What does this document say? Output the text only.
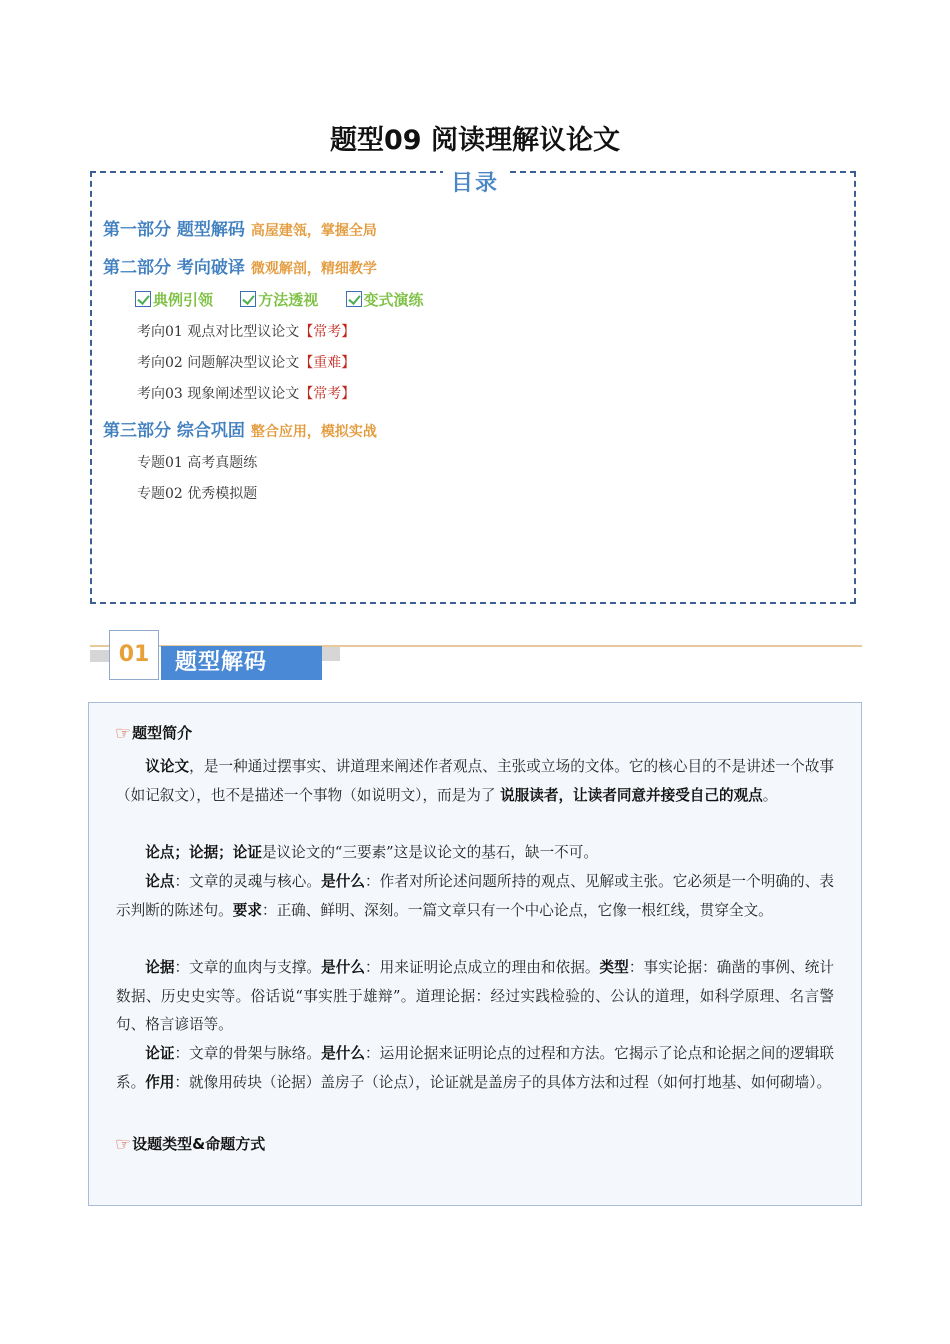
题型09 阅读理解议论文
目录
第一部分 题型解码 高屋建瓴，掌握全局
第二部分 考向破译 微观解剖，精细教学
典例引领	方法透视	变式演练
考向01 观点对比型议论文【常考】
考向02 问题解决型议论文【重难】
考向03 现象阐述型议论文【常考】
第三部分 综合巩固 整合应用，模拟实战
专题01 高考真题练
专题02 优秀模拟题
题型解码
01
☞题型简介
议论文，是一种通过摆事实、讲道理来阐述作者观点、主张或立场的文体。它的核心目的不是讲述一个故事（如记叙文），也不是描述一个事物（如说明文），而是为了 说服读者，让读者同意并接受自己的观点。
论点；论据；论证是议论文的“三要素”这是议论文的基石，缺一不可。
论点：文章的灵魂与核心。是什么：作者对所论述问题所持的观点、见解或主张。它必须是一个明确的、表示判断的陈述句。要求：正确、鲜明、深刻。一篇文章只有一个中心论点，它像一根红线，贯穿全文。
论据：文章的血肉与支撑。是什么：用来证明论点成立的理由和依据。类型：事实论据：确凿的事例、统计数据、历史史实等。俗话说“事实胜于雄辩”。道理论据：经过实践检验的、公认的道理，如科学原理、名言警句、格言谚语等。
论证：文章的骨架与脉络。是什么：运用论据来证明论点的过程和方法。它揭示了论点和论据之间的逻辑联系。作用：就像用砖块（论据）盖房子（论点），论证就是盖房子的具体方法和过程（如何打地基、如何砌墙）。
☞设题类型&命题方式
